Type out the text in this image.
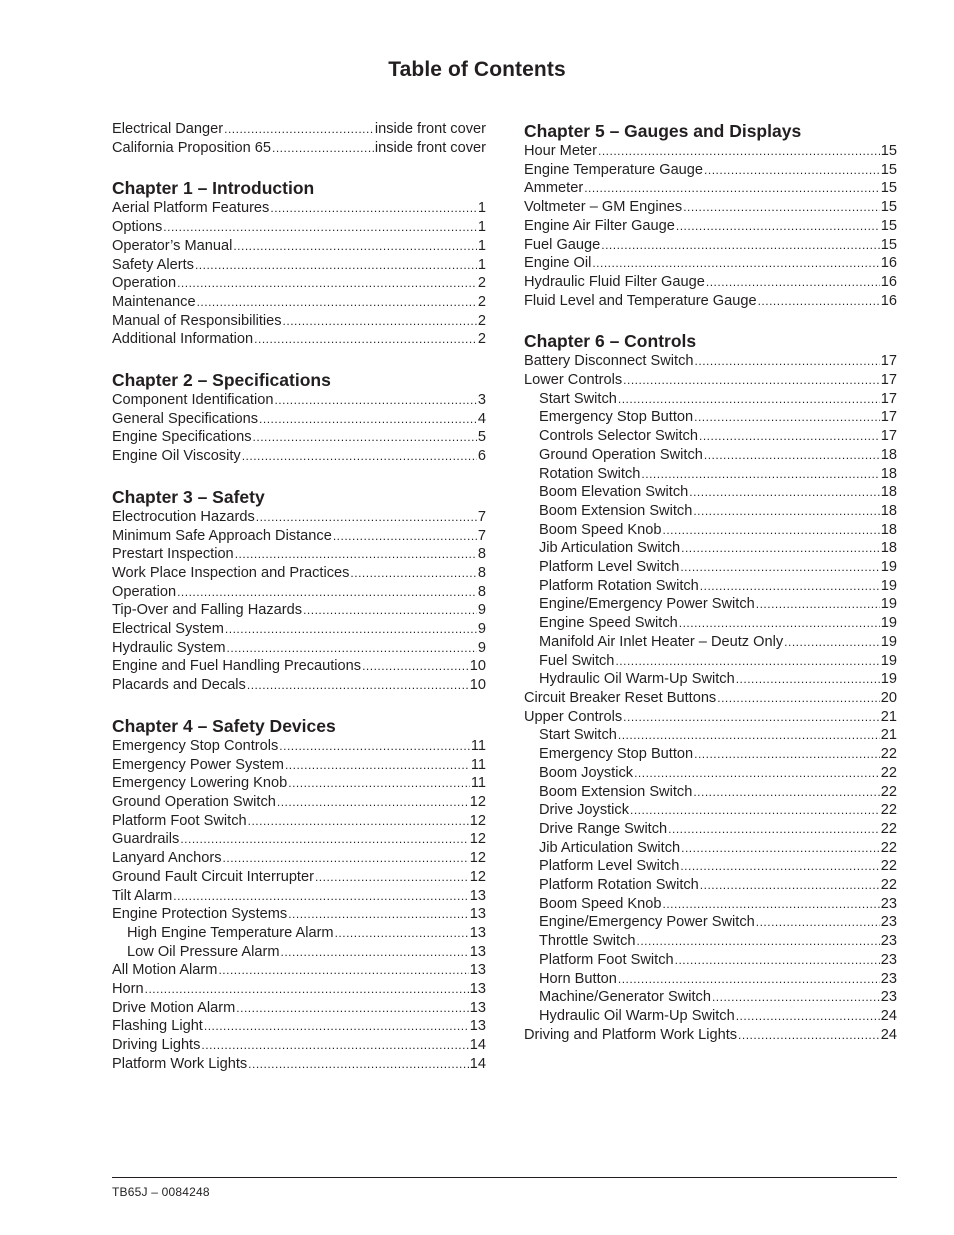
Table of Contents
Electrical Danger .....	inside front cover
California Proposition 65 .....	inside front cover
Chapter 1 – Introduction
Aerial Platform Features .....	1
Options .....	1
Operator’s Manual .....	1
Safety Alerts .....	1
Operation .....	2
Maintenance .....	2
Manual of Responsibilities .....	2
Additional Information .....	2
Chapter 2 – Specifications
Component Identification .....	3
General Specifications .....	4
Engine Specifications .....	5
Engine Oil Viscosity .....	6
Chapter 3 – Safety
Electrocution Hazards .....	7
Minimum Safe Approach Distance .....	7
Prestart Inspection .....	8
Work Place Inspection and Practices .....	8
Operation .....	8
Tip-Over and Falling Hazards .....	9
Electrical System .....	9
Hydraulic System .....	9
Engine and Fuel Handling Precautions .....	10
Placards and Decals .....	10
Chapter 4 – Safety Devices
Emergency Stop Controls .....	11
Emergency Power System .....	11
Emergency Lowering Knob .....	11
Ground Operation Switch .....	12
Platform Foot Switch .....	12
Guardrails .....	12
Lanyard Anchors .....	12
Ground Fault Circuit Interrupter .....	12
Tilt Alarm .....	13
Engine Protection Systems .....	13
High Engine Temperature Alarm .....	13
Low Oil Pressure Alarm .....	13
All Motion Alarm .....	13
Horn .....	13
Drive Motion Alarm .....	13
Flashing Light .....	13
Driving Lights .....	14
Platform Work Lights .....	14
Chapter 5 – Gauges and Displays
Hour Meter .....	15
Engine Temperature Gauge .....	15
Ammeter .....	15
Voltmeter – GM Engines .....	15
Engine Air Filter Gauge .....	15
Fuel Gauge .....	15
Engine Oil .....	16
Hydraulic Fluid Filter Gauge .....	16
Fluid Level and Temperature Gauge .....	16
Chapter 6 – Controls
Battery Disconnect Switch .....	17
Lower Controls .....	17
Start Switch .....	17
Emergency Stop Button .....	17
Controls Selector Switch .....	17
Ground Operation Switch .....	18
Rotation Switch .....	18
Boom Elevation Switch .....	18
Boom Extension Switch .....	18
Boom Speed Knob .....	18
Jib Articulation Switch .....	18
Platform Level Switch .....	19
Platform Rotation Switch .....	19
Engine/Emergency Power Switch .....	19
Engine Speed Switch .....	19
Manifold Air Inlet Heater – Deutz Only .....	19
Fuel Switch .....	19
Hydraulic Oil Warm-Up Switch .....	19
Circuit Breaker Reset Buttons .....	20
Upper Controls .....	21
Start Switch .....	21
Emergency Stop Button .....	22
Boom Joystick .....	22
Boom Extension Switch .....	22
Drive Joystick .....	22
Drive Range Switch .....	22
Jib Articulation Switch .....	22
Platform Level Switch .....	22
Platform Rotation Switch .....	22
Boom Speed Knob .....	23
Engine/Emergency Power Switch .....	23
Throttle Switch .....	23
Platform Foot Switch .....	23
Horn Button .....	23
Machine/Generator Switch .....	23
Hydraulic Oil Warm-Up Switch .....	24
Driving and Platform Work Lights .....	24
TB65J – 0084248
